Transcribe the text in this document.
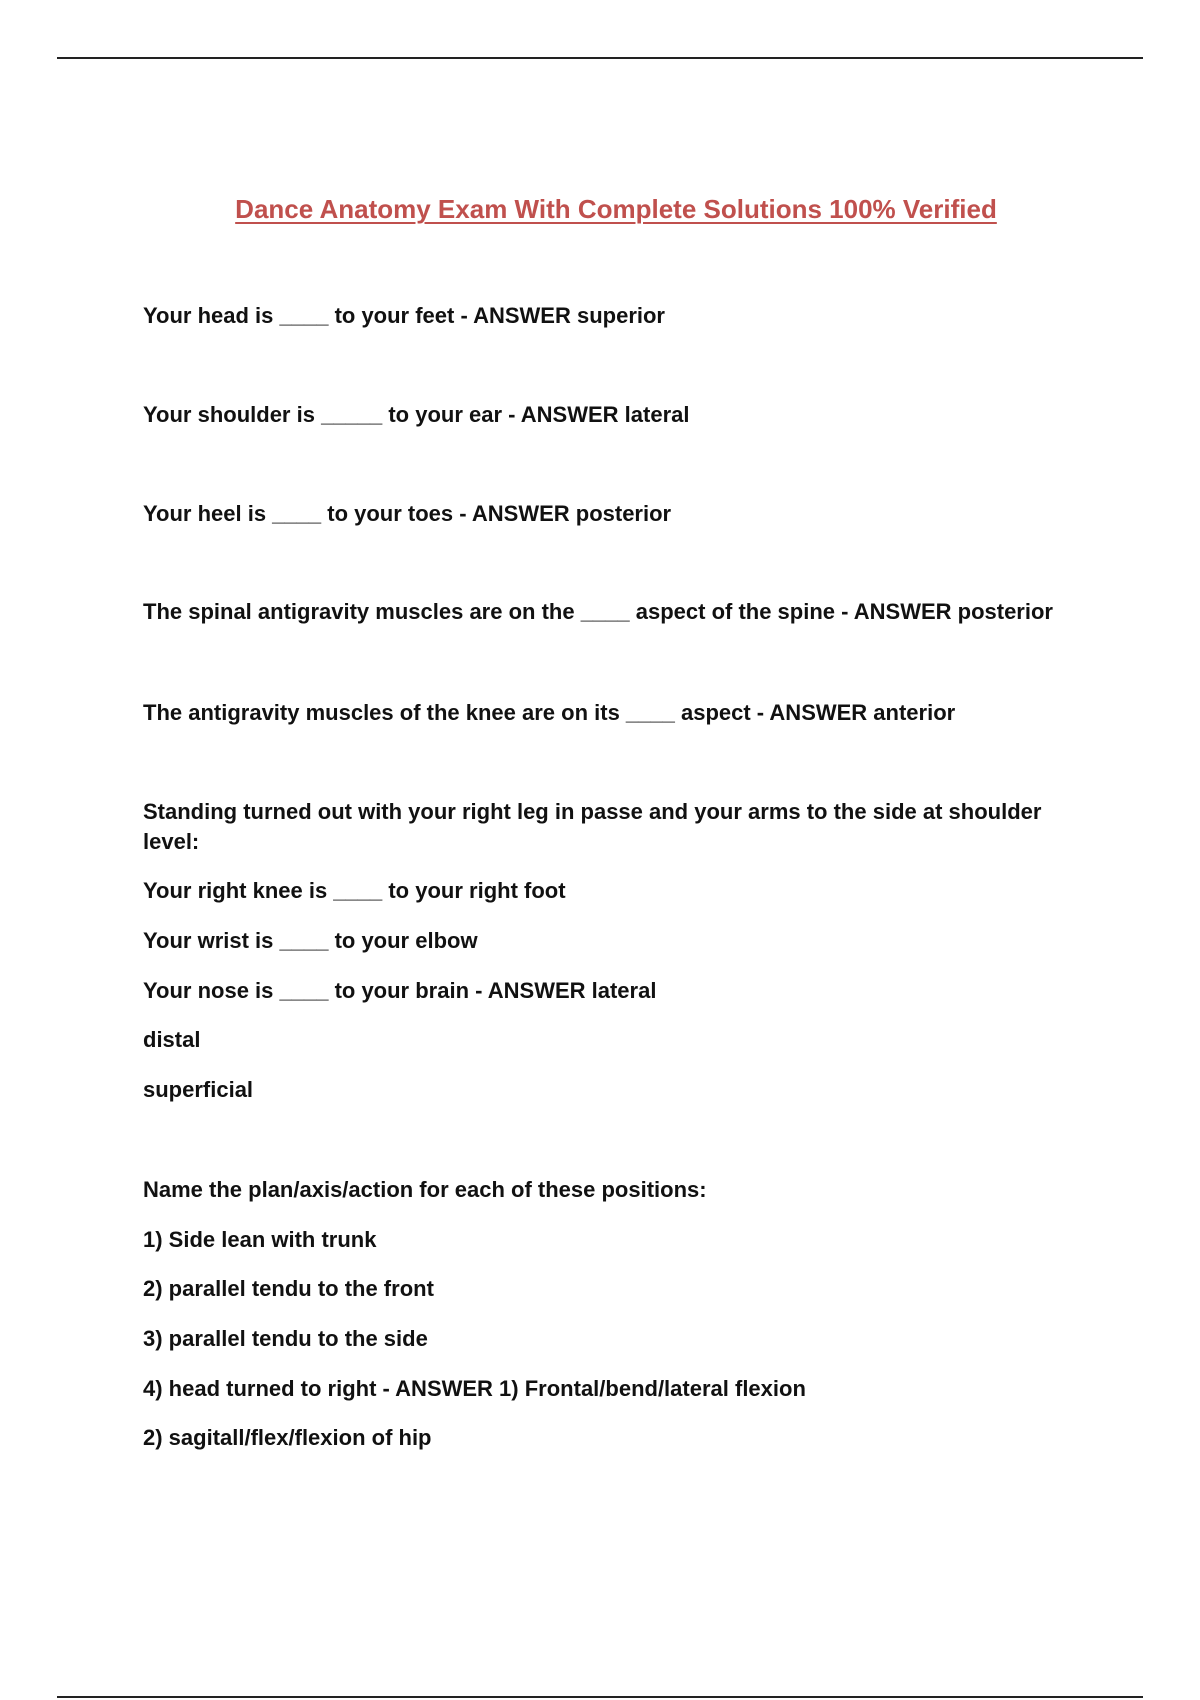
Dance Anatomy Exam With Complete Solutions 100% Verified
Your head is ____ to your feet - ANSWER superior
Your shoulder is _____ to your ear - ANSWER lateral
Your heel is ____ to your toes - ANSWER posterior
The spinal antigravity muscles are on the ____ aspect of the spine - ANSWER posterior
The antigravity muscles of the knee are on its ____ aspect - ANSWER anterior
Standing turned out with your right leg in passe and your arms to the side at shoulder level:
Your right knee is ____ to your right foot
Your wrist is ____ to your elbow
Your nose is ____ to your brain - ANSWER lateral
distal
superficial
Name the plan/axis/action for each of these positions:
1) Side lean with trunk
2) parallel tendu to the front
3) parallel tendu to the side
4) head turned to right - ANSWER 1) Frontal/bend/lateral flexion
2) sagitall/flex/flexion of hip
